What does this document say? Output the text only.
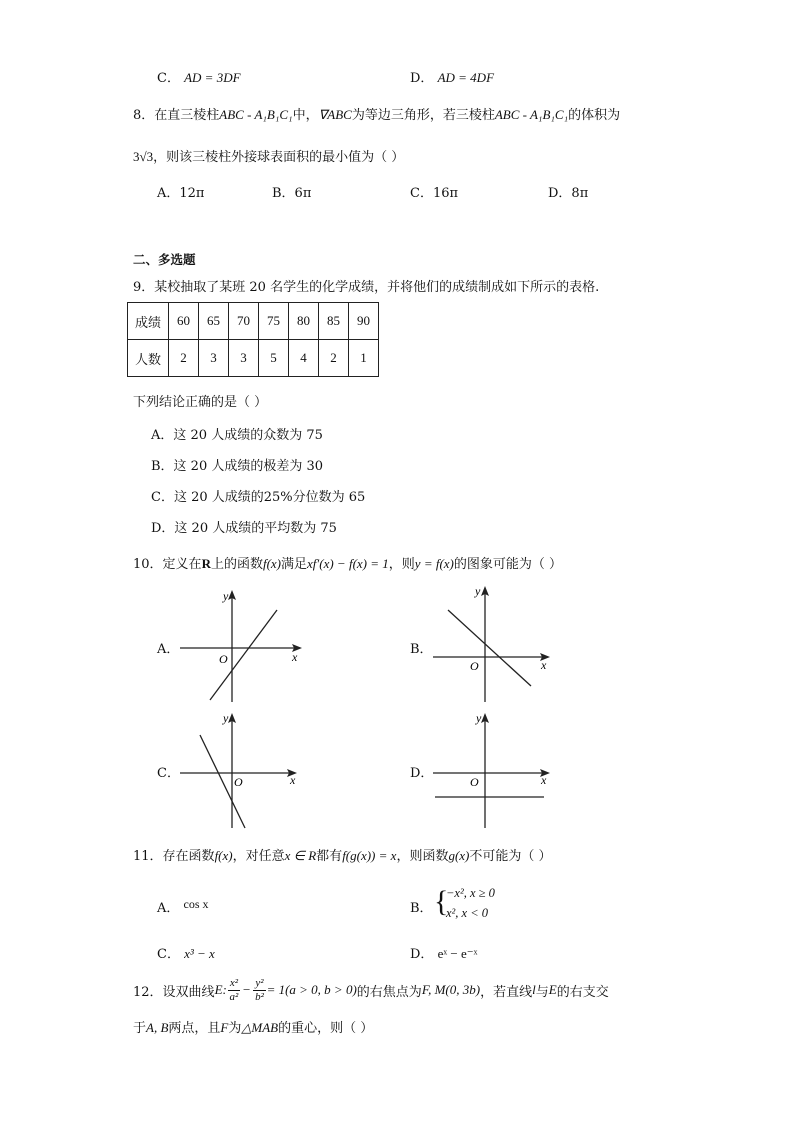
C． AD = 3DF	D． AD = 4DF
8．在直三棱柱ABC - A₁B₁C₁中，∇ABC为等边三角形，若三棱柱ABC - A₁B₁C₁的体积为
3√3，则该三棱柱外接球表面积的最小值为（ ）
A．12π	B．6π	C．16π	D．8π
二、多选题
9．某校抽取了某班 20 名学生的化学成绩，并将他们的成绩制成如下所示的表格.
成绩	60	65	70	75	80	85	90
人数	2	3	3	5	4	2	1
下列结论正确的是（ ）
A．这 20 人成绩的众数为 75
B．这 20 人成绩的极差为 30
C．这 20 人成绩的25%分位数为 65
D．这 20 人成绩的平均数为 75
10．定义在R上的函数f(x)满足xf′(x) − f(x) = 1，则y = f(x)的图象可能为（ ）
A．
y
x
O
B．
y
x
O
C．
y
x
O
D．
y
x
O
11．存在函数f(x)，对任意x ∈ R都有f(g(x)) = x，则函数g(x)不可能为（ ）
A． cos x	B． {
−x², x ≥ 0
x², x < 0
C． x³ − x	D． eˣ − e⁻ˣ
12． 设双曲线 E: x²
$a^2 - \frac{\text{y²}}{\text{b²}} = 1(a > 0$, b > 0) 的右焦点为 F, M(0, 3b) ，若直线 l 与 E 的右支交
于A, B两点，且F为△MAB的重心，则（ ）
